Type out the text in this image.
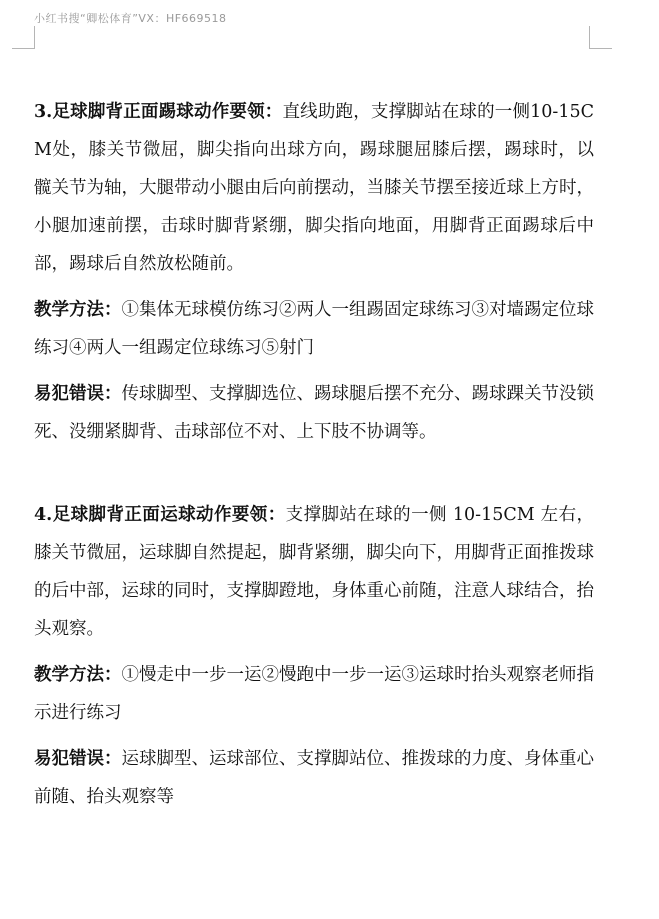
小红书搜“卿松体育”VX：HF669518

3.足球脚背正面踢球动作要领：直线助跑，支撑脚站在球的一侧10-15CM处，膝关节微屈，脚尖指向出球方向，踢球腿屈膝后摆，踢球时，以髋关节为轴，大腿带动小腿由后向前摆动，当膝关节摆至接近球上方时，小腿加速前摆，击球时脚背紧绷，脚尖指向地面，用脚背正面踢球后中部，踢球后自然放松随前。

教学方法：①集体无球模仿练习②两人一组踢固定球练习③对墙踢定位球练习④两人一组踢定位球练习⑤射门

易犯错误：传球脚型、支撑脚选位、踢球腿后摆不充分、踢球踝关节没锁死、没绷紧脚背、击球部位不对、上下肢不协调等。

4.足球脚背正面运球动作要领：支撑脚站在球的一侧 10-15CM 左右，膝关节微屈，运球脚自然提起，脚背紧绷，脚尖向下，用脚背正面推拨球的后中部，运球的同时，支撑脚蹬地，身体重心前随，注意人球结合，抬头观察。

教学方法：①慢走中一步一运②慢跑中一步一运③运球时抬头观察老师指示进行练习

易犯错误：运球脚型、运球部位、支撑脚站位、推拨球的力度、身体重心前随、抬头观察等
